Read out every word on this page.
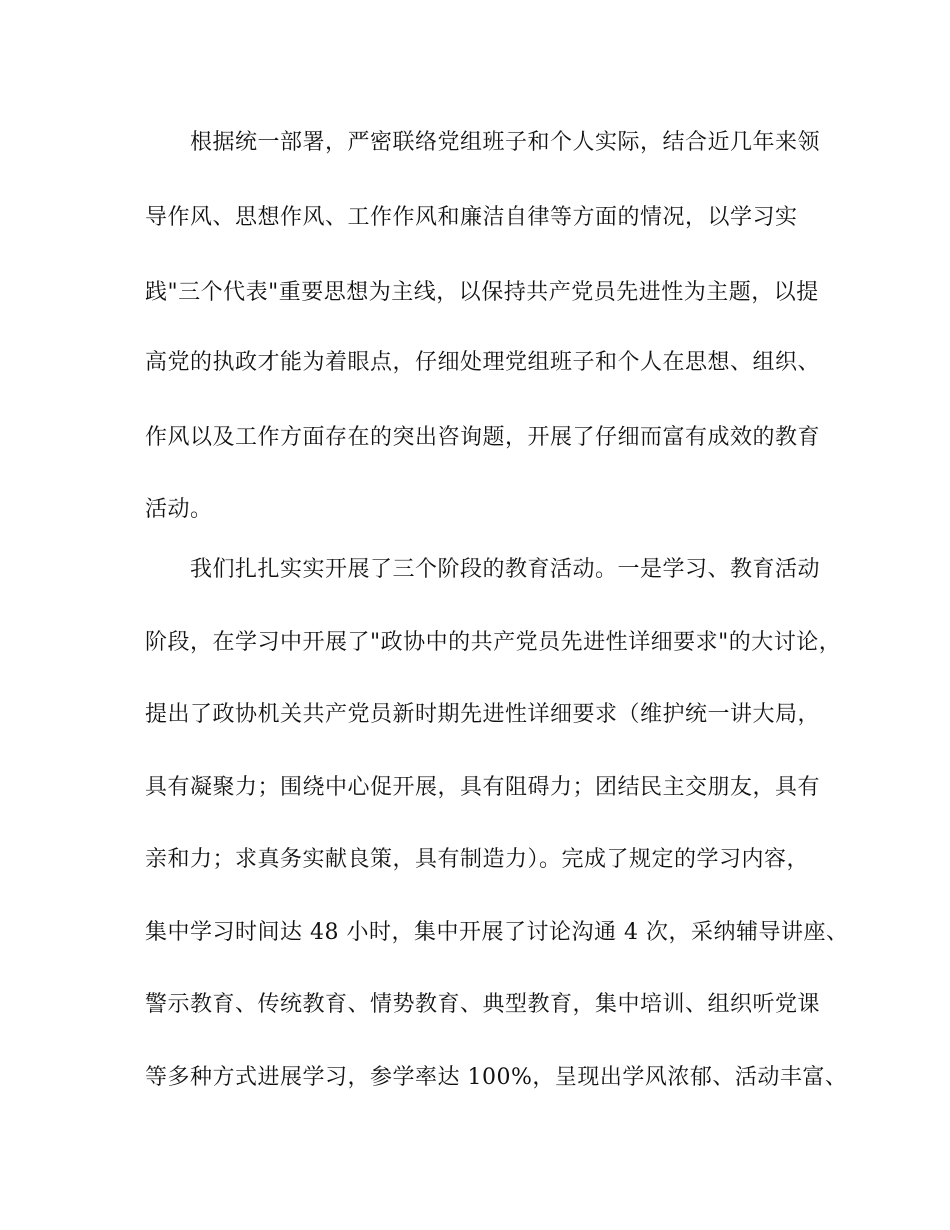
根据统一部署，严密联络党组班子和个人实际，结合近几年来领
导作风、思想作风、工作作风和廉洁自律等方面的情况，以学习实
践"三个代表"重要思想为主线，以保持共产党员先进性为主题，以提
高党的执政才能为着眼点，仔细处理党组班子和个人在思想、组织、
作风以及工作方面存在的突出咨询题，开展了仔细而富有成效的教育
活动。
我们扎扎实实开展了三个阶段的教育活动。一是学习、教育活动
阶段，在学习中开展了"政协中的共产党员先进性详细要求"的大讨论，
提出了政协机关共产党员新时期先进性详细要求（维护统一讲大局，
具有凝聚力；围绕中心促开展，具有阻碍力；团结民主交朋友，具有
亲和力；求真务实献良策，具有制造力）。完成了规定的学习内容，
集中学习时间达 48 小时，集中开展了讨论沟通 4 次，采纳辅导讲座、
警示教育、传统教育、情势教育、典型教育，集中培训、组织听党课
等多种方式进展学习，参学率达 100%，呈现出学风浓郁、活动丰富、
